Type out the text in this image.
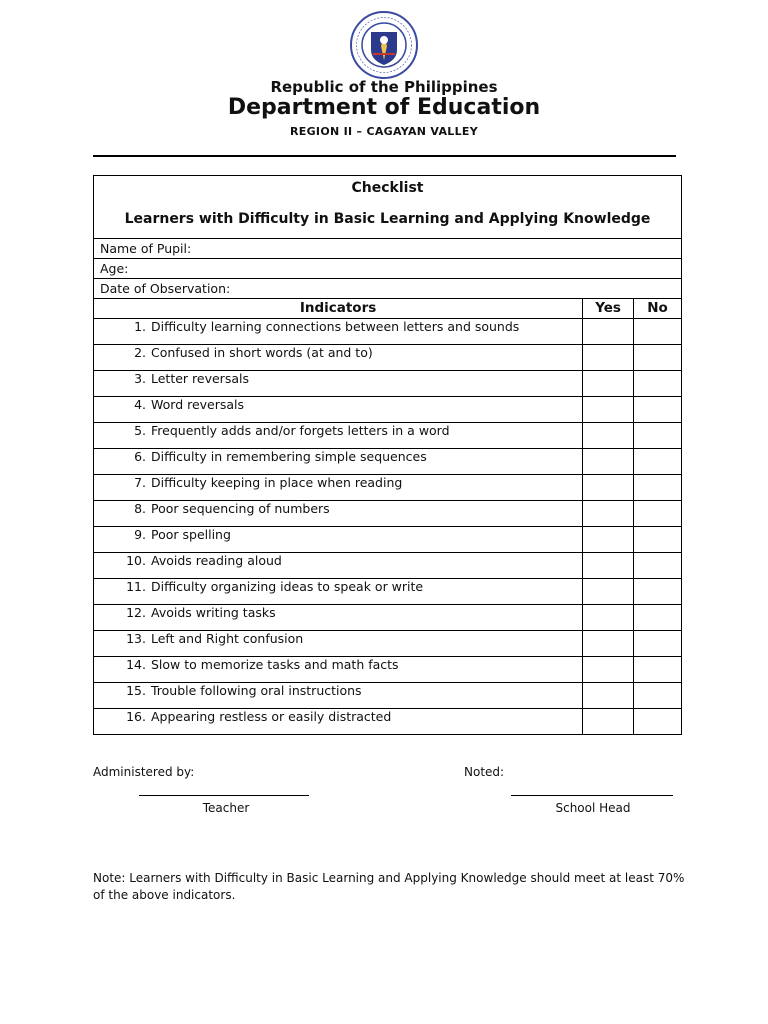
Republic of the Philippines
Department of Education
REGION II – CAGAYAN VALLEY
Checklist
Learners with Difficulty in Basic Learning and Applying Knowledge		

Name of Pupil:		
Age:		
Date of Observation:		
Indicators	Yes	No
1. Difficulty learning connections between letters and sounds		
2. Confused in short words (at and to)		
3. Letter reversals		
4. Word reversals		
5. Frequently adds and/or forgets letters in a word		
6. Difficulty in remembering simple sequences		
7. Difficulty keeping in place when reading		
8. Poor sequencing of numbers		
9. Poor spelling		
10. Avoids reading aloud		
11. Difficulty organizing ideas to speak or write		
12. Avoids writing tasks		
13. Left and Right confusion		
14. Slow to memorize tasks and math facts		
15. Trouble following oral instructions		
16. Appearing restless or easily distracted		
Administered by:	Noted:
Teacher	School Head
Note: Learners with Difficulty in Basic Learning and Applying Knowledge should meet at least 70% of the above indicators.
